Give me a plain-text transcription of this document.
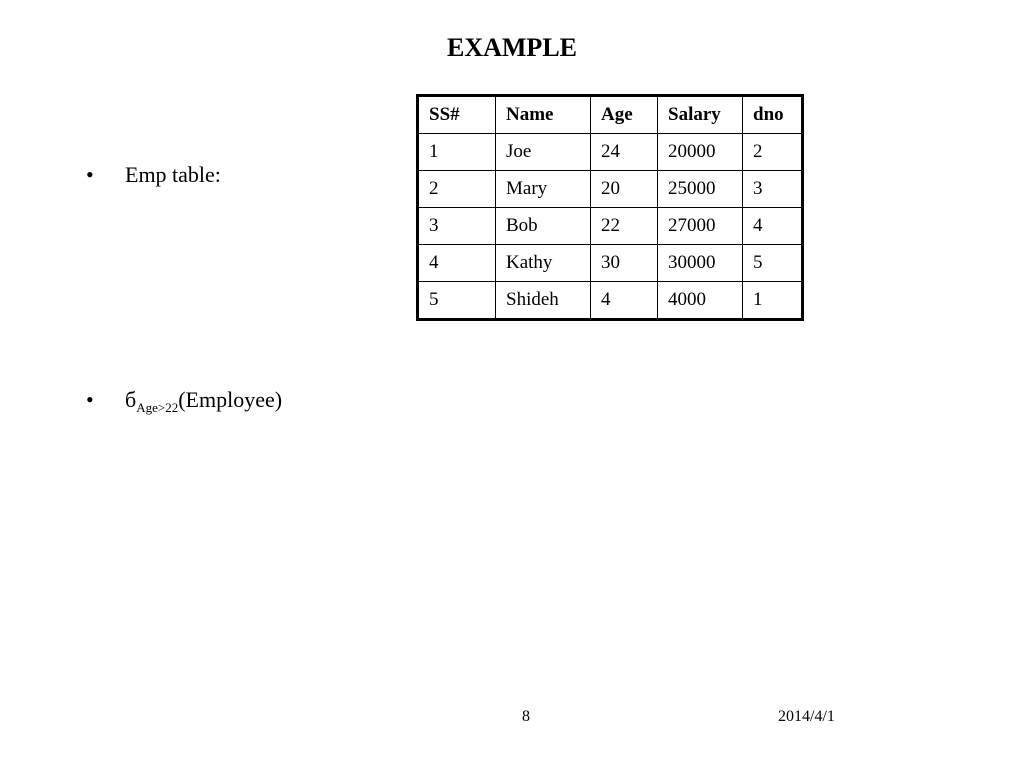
EXAMPLE
• Emp table:
SS#	Name	Age	Salary	dno
1	Joe	24	20000	2
2	Mary	20	25000	3
3	Bob	22	27000	4
4	Kathy	30	30000	5
5	Shideh	4	4000	1
• $б_{Age>22}(Employee)$
8	2014/4/1
